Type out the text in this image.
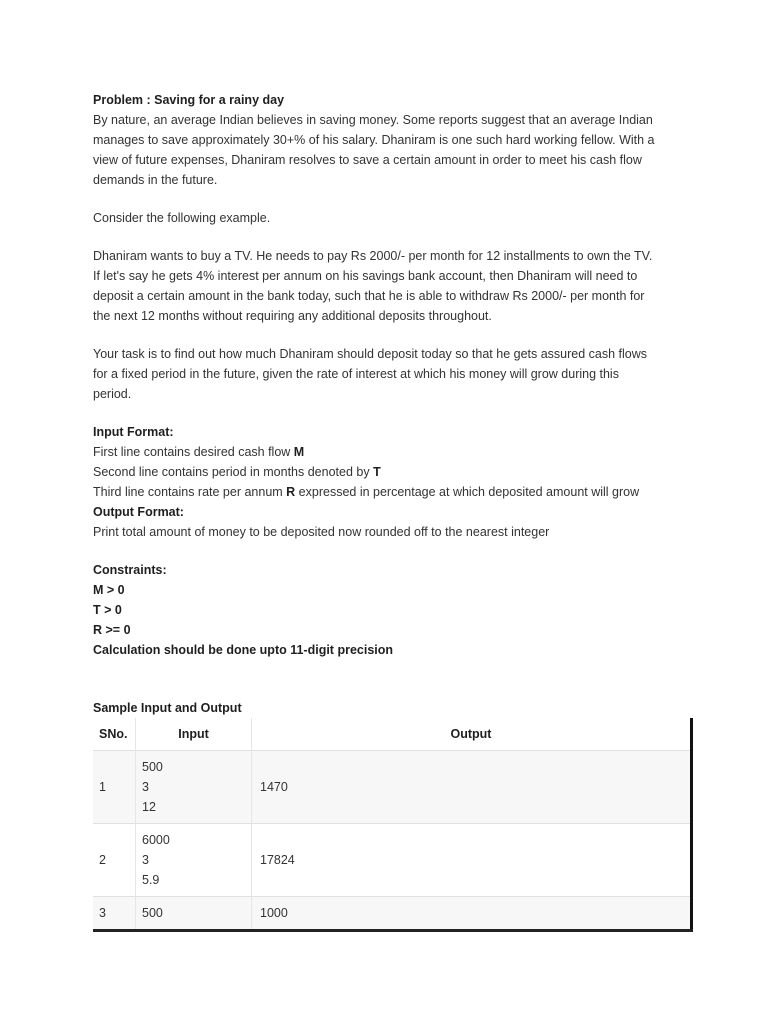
Problem : Saving for a rainy day
By nature, an average Indian believes in saving money. Some reports suggest that an average Indian
manages to save approximately 30+% of his salary. Dhaniram is one such hard working fellow. With a
view of future expenses, Dhaniram resolves to save a certain amount in order to meet his cash flow
demands in the future.
Consider the following example.
Dhaniram wants to buy a TV. He needs to pay Rs 2000/- per month for 12 installments to own the TV.
If let's say he gets 4% interest per annum on his savings bank account, then Dhaniram will need to
deposit a certain amount in the bank today, such that he is able to withdraw Rs 2000/- per month for
the next 12 months without requiring any additional deposits throughout.
Your task is to find out how much Dhaniram should deposit today so that he gets assured cash flows
for a fixed period in the future, given the rate of interest at which his money will grow during this
period.
Input Format:
First line contains desired cash flow M
Second line contains period in months denoted by T
Third line contains rate per annum R expressed in percentage at which deposited amount will grow
Output Format:
Print total amount of money to be deposited now rounded off to the nearest integer
Constraints:
M > 0
T > 0
R >= 0
Calculation should be done upto 11-digit precision
Sample Input and Output
SNo.	Input	Output
1	500
3
12	1470
2	6000
3
5.9	17824
3	500	1000
